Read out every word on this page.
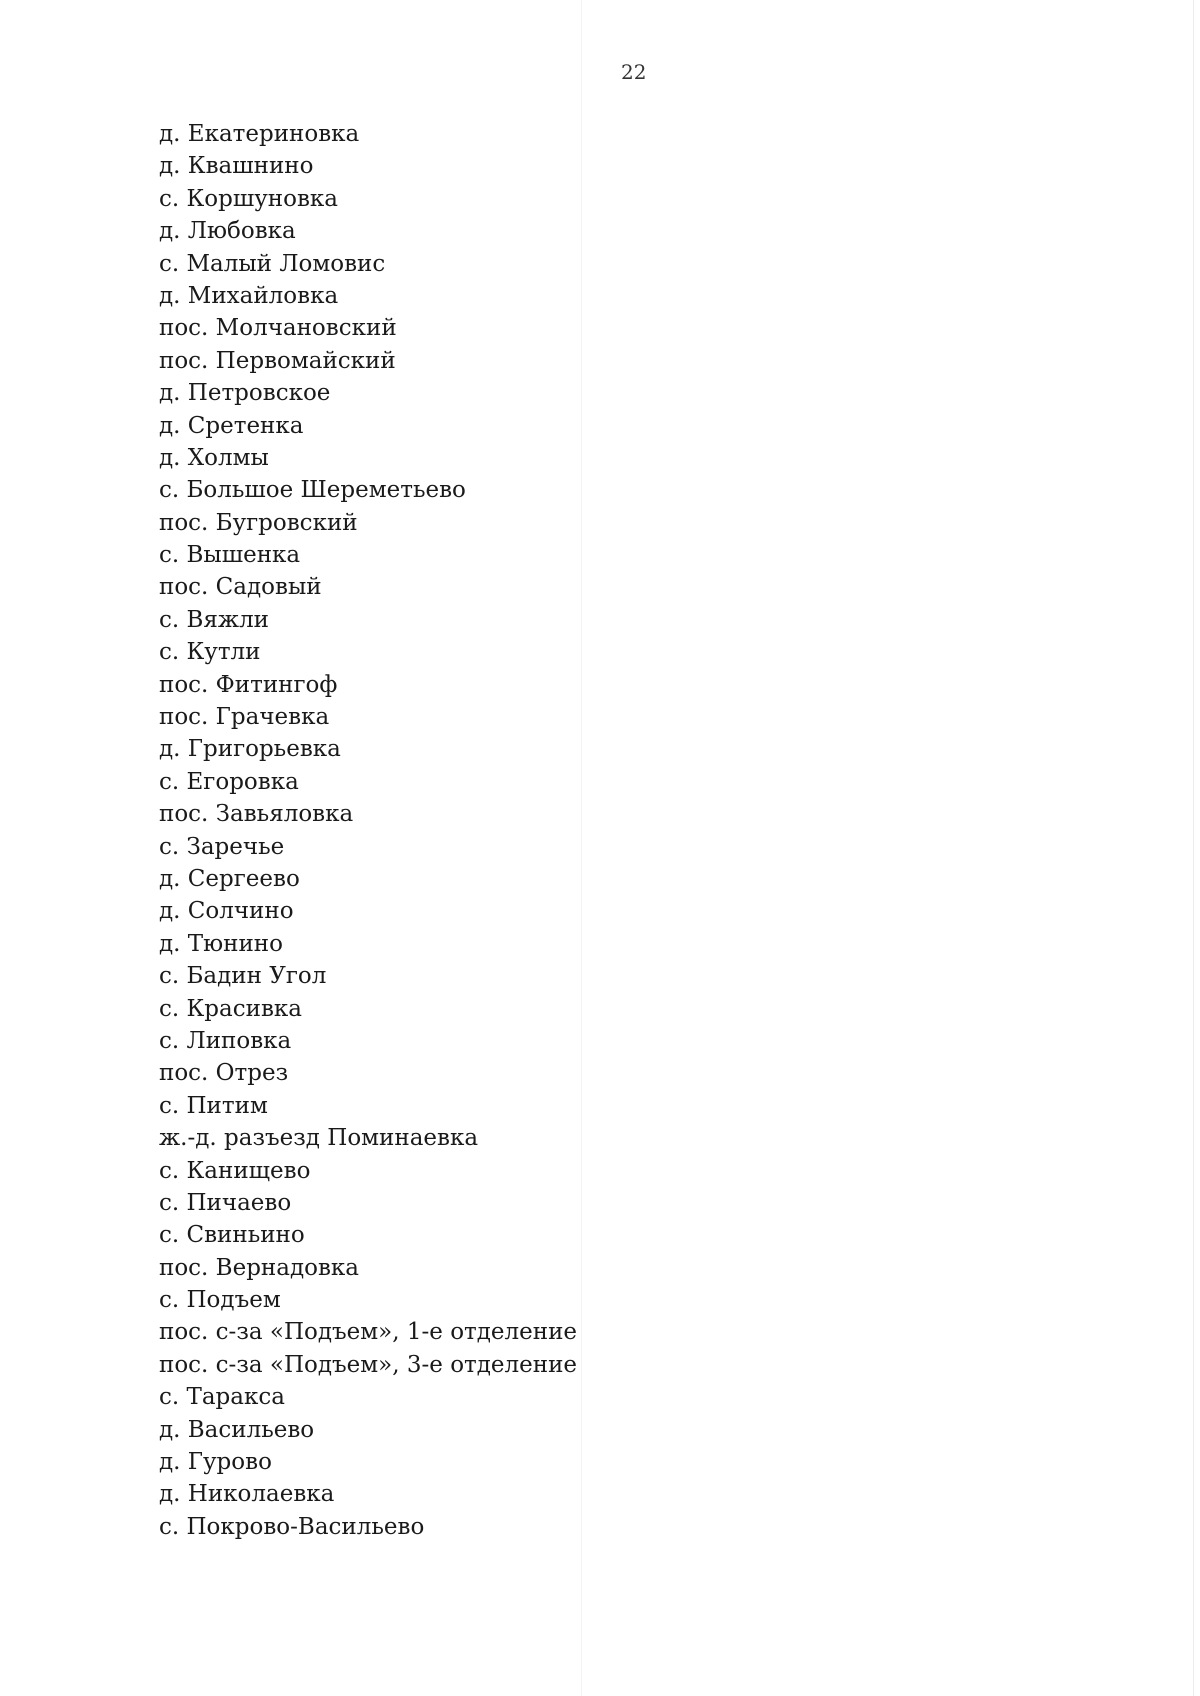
22
д. Екатериновка
д. Квашнино
с. Коршуновка
д. Любовка
с. Малый Ломовис
д. Михайловка
пос. Молчановский
пос. Первомайский
д. Петровское
д. Сретенка
д. Холмы
с. Большое Шереметьево
пос. Бугровский
с. Вышенка
пос. Садовый
с. Вяжли
с. Кутли
пос. Фитингоф
пос. Грачевка
д. Григорьевка
с. Егоровка
пос. Завьяловка
с. Заречье
д. Сергеево
д. Солчино
д. Тюнино
с. Бадин Угол
с. Красивка
с. Липовка
пос. Отрез
с. Питим
ж.-д. разъезд Поминаевка
с. Канищево
с. Пичаево
с. Свиньино
пос. Вернадовка
с. Подъем
пос. с-за «Подъем», 1-е отделение
пос. с-за «Подъем», 3-е отделение
с. Таракса
д. Васильево
д. Гурово
д. Николаевка
с. Покрово-Васильево
